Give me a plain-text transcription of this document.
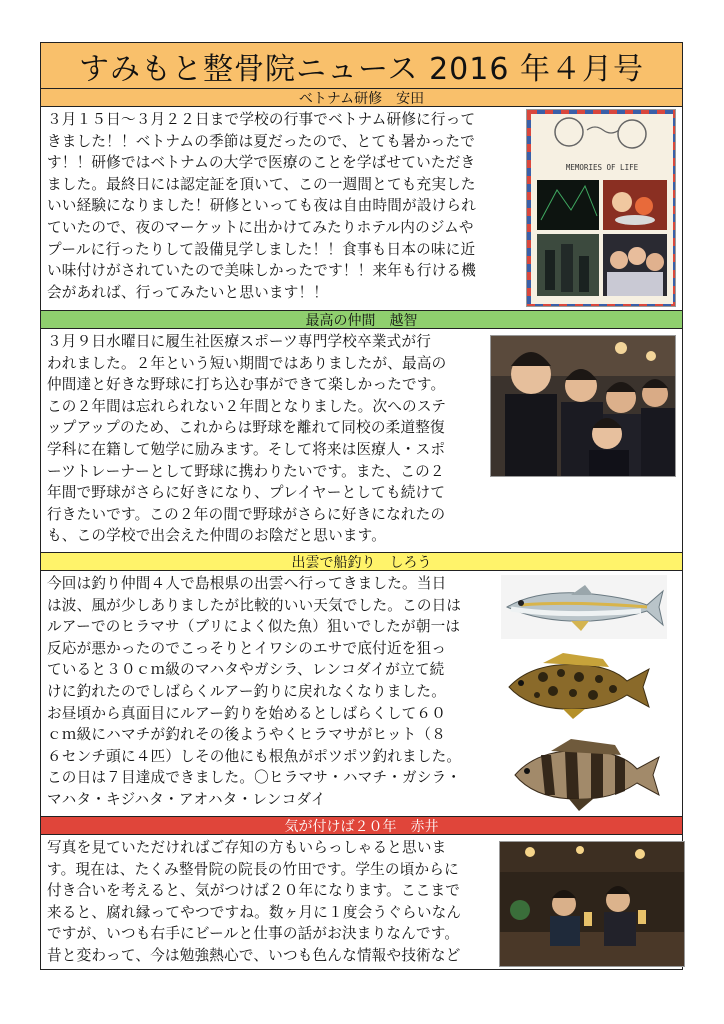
すみもと整骨院ニュース 2016 年４月号
ベトナム研修　安田
３月１５日～３月２２日まで学校の行事でベトナム研修に行って
きました！！ベトナムの季節は夏だったので、とても暑かったで
す！！研修ではベトナムの大学で医療のことを学ばせていただき
ました。最終日には認定証を頂いて、この一週間とても充実した
いい経験になりました！研修といっても夜は自由時間が設けられ
ていたので、夜のマーケットに出かけてみたりホテル内のジムや
プールに行ったりして設備見学しました！！食事も日本の味に近
い味付けがされていたので美味しかったです！！来年も行ける機
会があれば、行ってみたいと思います！！
MEMORIES OF LIFE
最高の仲間　越智
３月９日水曜日に履生社医療スポーツ専門学校卒業式が行
われました。２年という短い期間ではありましたが、最高の
仲間達と好きな野球に打ち込む事ができて楽しかったです。
この２年間は忘れられない２年間となりました。次へのステ
ップアップのため、これからは野球を離れて同校の柔道整復
学科に在籍して勉学に励みます。そして将来は医療人・スポ
ーツトレーナーとして野球に携わりたいです。また、この２
年間で野球がさらに好きになり、プレイヤーとしても続けて
行きたいです。この２年の間で野球がさらに好きになれたの
も、この学校で出会えた仲間のお陰だと思います。
出雲で船釣り　しろう
今回は釣り仲間４人で島根県の出雲へ行ってきました。当日
は波、風が少しありましたが比較的いい天気でした。この日は
ルアーでのヒラマサ（ブリによく似た魚）狙いでしたが朝一は
反応が悪かったのでこっそりとイワシのエサで底付近を狙っ
ていると３０ｃｍ級のマハタやガシラ、レンコダイが立て続
けに釣れたのでしばらくルアー釣りに戻れなくなりました。
お昼頃から真面目にルアー釣りを始めるとしばらくして６０
ｃｍ級にハマチが釣れその後ようやくヒラマサがヒット（８
６センチ頭に４匹）しその他にも根魚がポツポツ釣れました。
この日は７目達成できました。〇ヒラマサ・ハマチ・ガシラ・
マハタ・キジハタ・アオハタ・レンコダイ
気が付けば２０年　赤井
写真を見ていただければご存知の方もいらっしゃると思いま
す。現在は、たくみ整骨院の院長の竹田です。学生の頃からに
付き合いを考えると、気がつけば２０年になります。ここまで
来ると、腐れ縁ってやつですね。数ヶ月に１度会うぐらいなん
ですが、いつも右手にビールと仕事の話がお決まりなんです。
昔と変わって、今は勉強熱心で、いつも色んな情報や技術など
